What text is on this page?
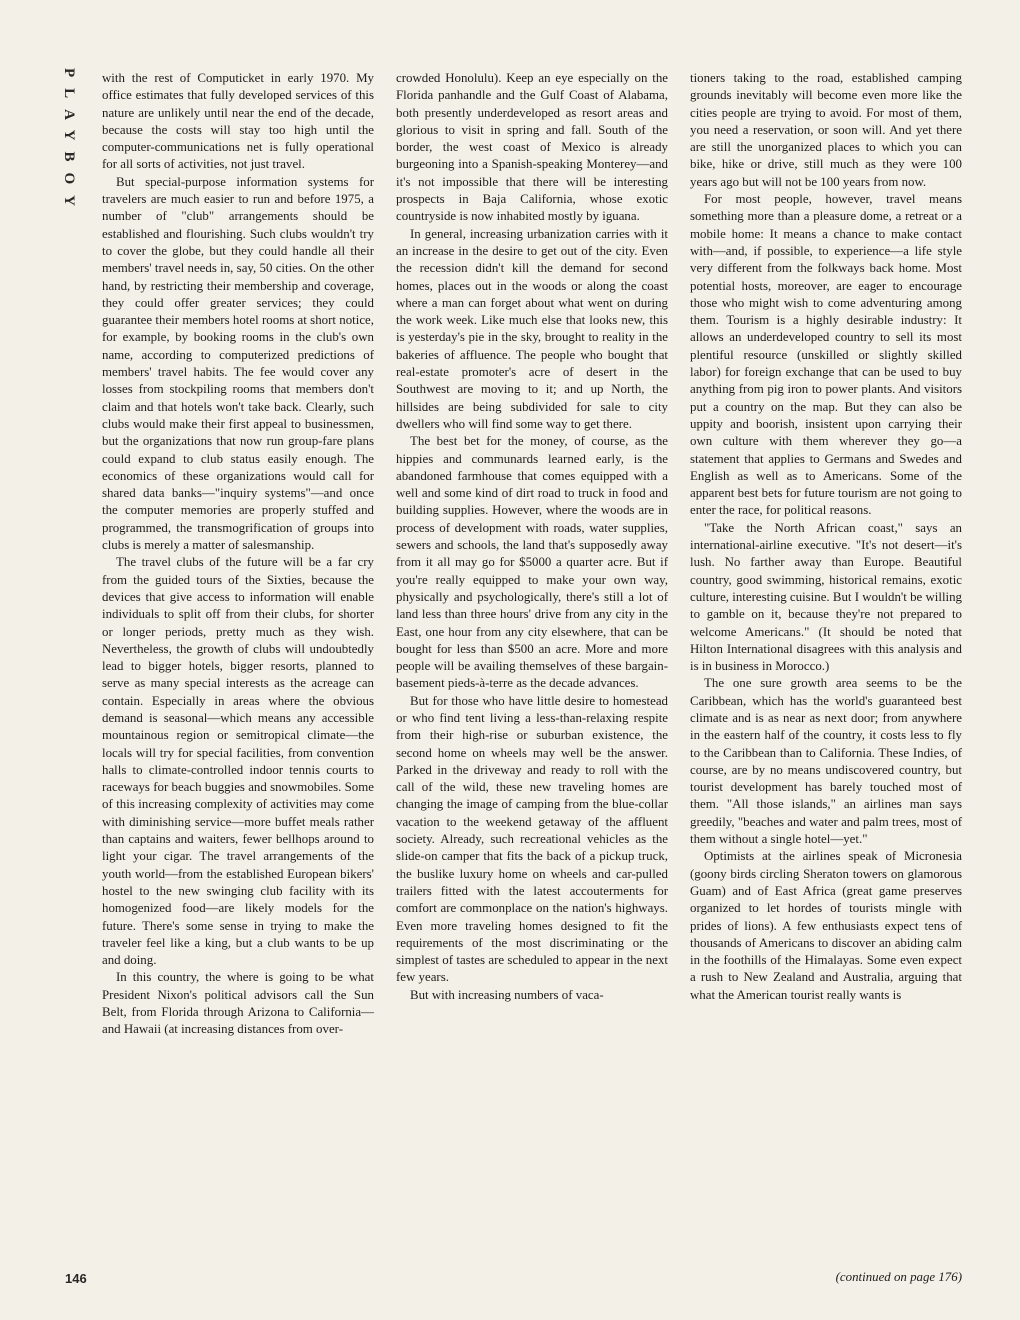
PLAYBOY
146

with the rest of Computicket in early 1970. My office estimates that fully developed services of this nature are unlikely until near the end of the decade, because the costs will stay too high until the computer-communications net is fully operational for all sorts of activities, not just travel.

But special-purpose information systems for travelers are much easier to run and before 1975, a number of "club" arrangements should be established and flourishing. Such clubs wouldn't try to cover the globe, but they could handle all their members' travel needs in, say, 50 cities. On the other hand, by restricting their membership and coverage, they could offer greater services; they could guarantee their members hotel rooms at short notice, for example, by booking rooms in the club's own name, according to computerized predictions of members' travel habits. The fee would cover any losses from stockpiling rooms that members don't claim and that hotels won't take back. Clearly, such clubs would make their first appeal to businessmen, but the organizations that now run group-fare plans could expand to club status easily enough. The economics of these organizations would call for shared data banks—"inquiry systems"—and once the computer memories are properly stuffed and programmed, the transmogrification of groups into clubs is merely a matter of salesmanship.

The travel clubs of the future will be a far cry from the guided tours of the Sixties, because the devices that give access to information will enable individuals to split off from their clubs, for shorter or longer periods, pretty much as they wish. Nevertheless, the growth of clubs will undoubtedly lead to bigger hotels, bigger resorts, planned to serve as many special interests as the acreage can contain. Especially in areas where the obvious demand is seasonal—which means any accessible mountainous region or semitropical climate—the locals will try for special facilities, from convention halls to climate-controlled indoor tennis courts to raceways for beach buggies and snowmobiles. Some of this increasing complexity of activities may come with diminishing service—more buffet meals rather than captains and waiters, fewer bellhops around to light your cigar. The travel arrangements of the youth world—from the established European bikers' hostel to the new swinging club facility with its homogenized food—are likely models for the future. There's some sense in trying to make the traveler feel like a king, but a club wants to be up and doing.

In this country, the where is going to be what President Nixon's political advisors call the Sun Belt, from Florida through Arizona to California—and Hawaii (at increasing distances from over-

crowded Honolulu). Keep an eye especially on the Florida panhandle and the Gulf Coast of Alabama, both presently underdeveloped as resort areas and glorious to visit in spring and fall. South of the border, the west coast of Mexico is already burgeoning into a Spanish-speaking Monterey—and it's not impossible that there will be interesting prospects in Baja California, whose exotic countryside is now inhabited mostly by iguana.

In general, increasing urbanization carries with it an increase in the desire to get out of the city. Even the recession didn't kill the demand for second homes, places out in the woods or along the coast where a man can forget about what went on during the work week. Like much else that looks new, this is yesterday's pie in the sky, brought to reality in the bakeries of affluence. The people who bought that real-estate promoter's acre of desert in the Southwest are moving to it; and up North, the hillsides are being subdivided for sale to city dwellers who will find some way to get there.

The best bet for the money, of course, as the hippies and communards learned early, is the abandoned farmhouse that comes equipped with a well and some kind of dirt road to truck in food and building supplies. However, where the woods are in process of development with roads, water supplies, sewers and schools, the land that's supposedly away from it all may go for $5000 a quarter acre. But if you're really equipped to make your own way, physically and psychologically, there's still a lot of land less than three hours' drive from any city in the East, one hour from any city elsewhere, that can be bought for less than $500 an acre. More and more people will be availing themselves of these bargain-basement pieds-à-terre as the decade advances.

But for those who have little desire to homestead or who find tent living a less-than-relaxing respite from their high-rise or suburban existence, the second home on wheels may well be the answer. Parked in the driveway and ready to roll with the call of the wild, these new traveling homes are changing the image of camping from the blue-collar vacation to the weekend getaway of the affluent society. Already, such recreational vehicles as the slide-on camper that fits the back of a pickup truck, the buslike luxury home on wheels and car-pulled trailers fitted with the latest accouterments for comfort are commonplace on the nation's highways. Even more traveling homes designed to fit the requirements of the most discriminating or the simplest of tastes are scheduled to appear in the next few years.

But with increasing numbers of vaca-

tioners taking to the road, established camping grounds inevitably will become even more like the cities people are trying to avoid. For most of them, you need a reservation, or soon will. And yet there are still the unorganized places to which you can bike, hike or drive, still much as they were 100 years ago but will not be 100 years from now.

For most people, however, travel means something more than a pleasure dome, a retreat or a mobile home: It means a chance to make contact with—and, if possible, to experience—a life style very different from the folkways back home. Most potential hosts, moreover, are eager to encourage those who might wish to come adventuring among them. Tourism is a highly desirable industry: It allows an underdeveloped country to sell its most plentiful resource (unskilled or slightly skilled labor) for foreign exchange that can be used to buy anything from pig iron to power plants. And visitors put a country on the map. But they can also be uppity and boorish, insistent upon carrying their own culture with them wherever they go—a statement that applies to Germans and Swedes and English as well as to Americans. Some of the apparent best bets for future tourism are not going to enter the race, for political reasons.

"Take the North African coast," says an international-airline executive. "It's not desert—it's lush. No farther away than Europe. Beautiful country, good swimming, historical remains, exotic culture, interesting cuisine. But I wouldn't be willing to gamble on it, because they're not prepared to welcome Americans." (It should be noted that Hilton International disagrees with this analysis and is in business in Morocco.)

The one sure growth area seems to be the Caribbean, which has the world's guaranteed best climate and is as near as next door; from anywhere in the eastern half of the country, it costs less to fly to the Caribbean than to California. These Indies, of course, are by no means undiscovered country, but tourist development has barely touched most of them. "All those islands," an airlines man says greedily, "beaches and water and palm trees, most of them without a single hotel—yet."

Optimists at the airlines speak of Micronesia (goony birds circling Sheraton towers on glamorous Guam) and of East Africa (great game preserves organized to let hordes of tourists mingle with prides of lions). A few enthusiasts expect tens of thousands of Americans to discover an abiding calm in the foothills of the Himalayas. Some even expect a rush to New Zealand and Australia, arguing that what the American tourist really wants is

(continued on page 176)
